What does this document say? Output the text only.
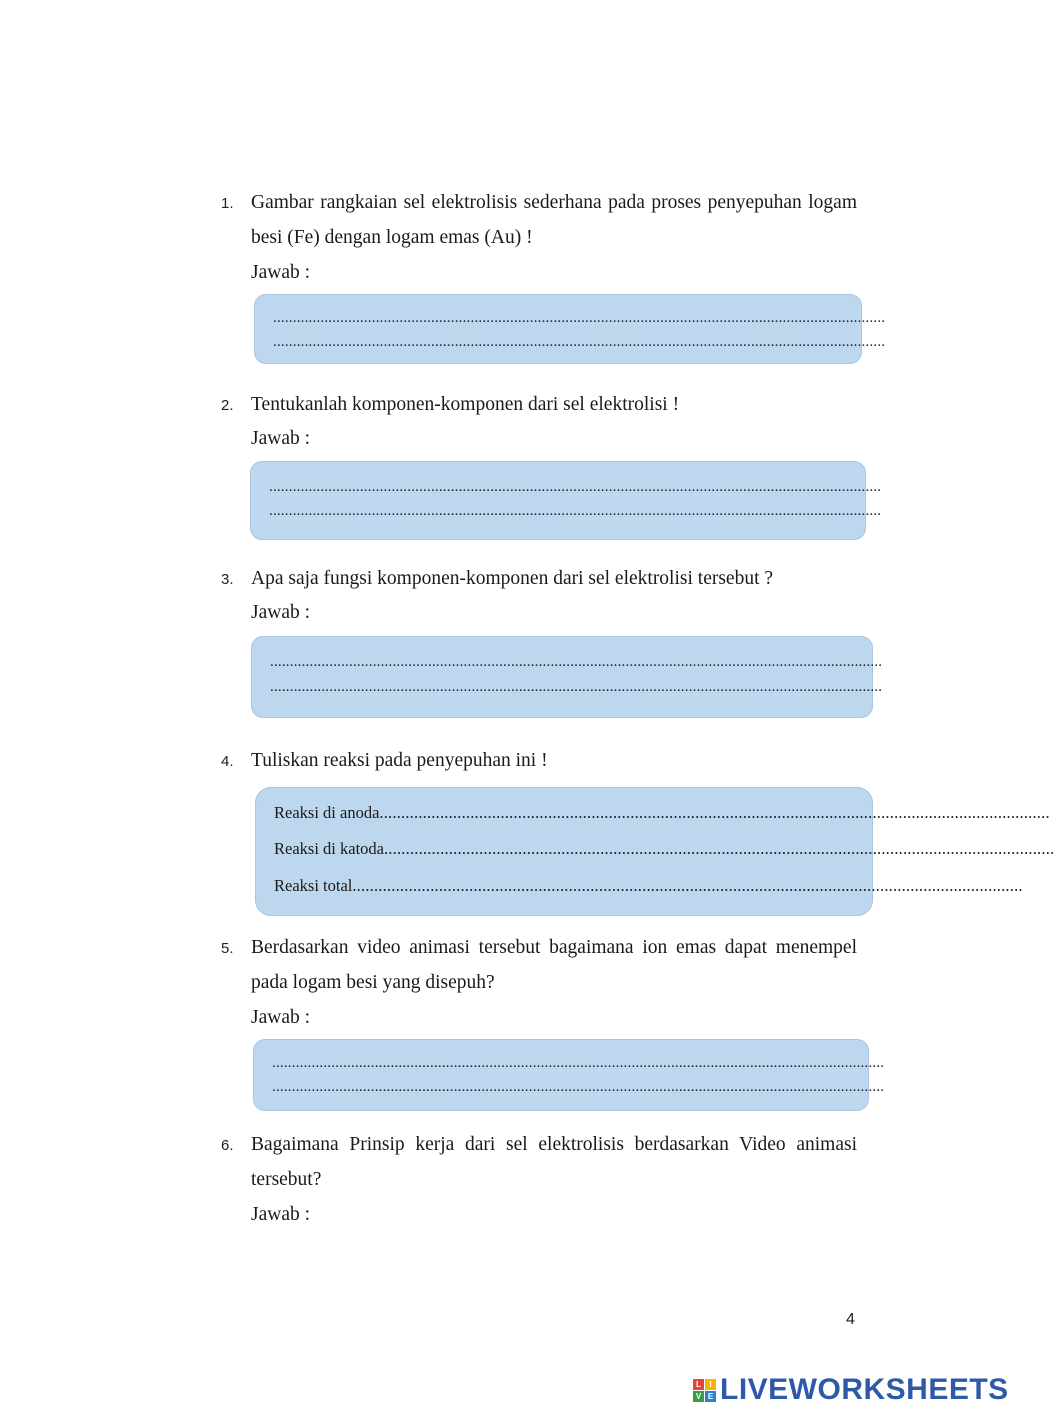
1. Gambar rangkaian sel elektrolisis sederhana pada proses penyepuhan logam
besi (Fe) dengan logam emas (Au) !
Jawab :
...........................................................................................................................................................
...........................................................................................................................................................
2. Tentukanlah komponen-komponen dari sel elektrolisi !
Jawab :
...........................................................................................................................................................
...........................................................................................................................................................
3. Apa saja fungsi komponen-komponen dari sel elektrolisi tersebut ?
Jawab :
...........................................................................................................................................................
...........................................................................................................................................................
4. Tuliskan reaksi pada penyepuhan ini !
Reaksi di anoda ...........................................................................................................................................................
Reaksi di katoda ...........................................................................................................................................................
Reaksi total ...........................................................................................................................................................
5. Berdasarkan video animasi tersebut bagaimana ion emas dapat menempel
pada logam besi yang disepuh?
Jawab :
...........................................................................................................................................................
...........................................................................................................................................................
6. Bagaimana Prinsip kerja dari sel elektrolisis berdasarkan Video animasi
tersebut?
Jawab :
4
L	I
V E LIVEWORKSHEETS
